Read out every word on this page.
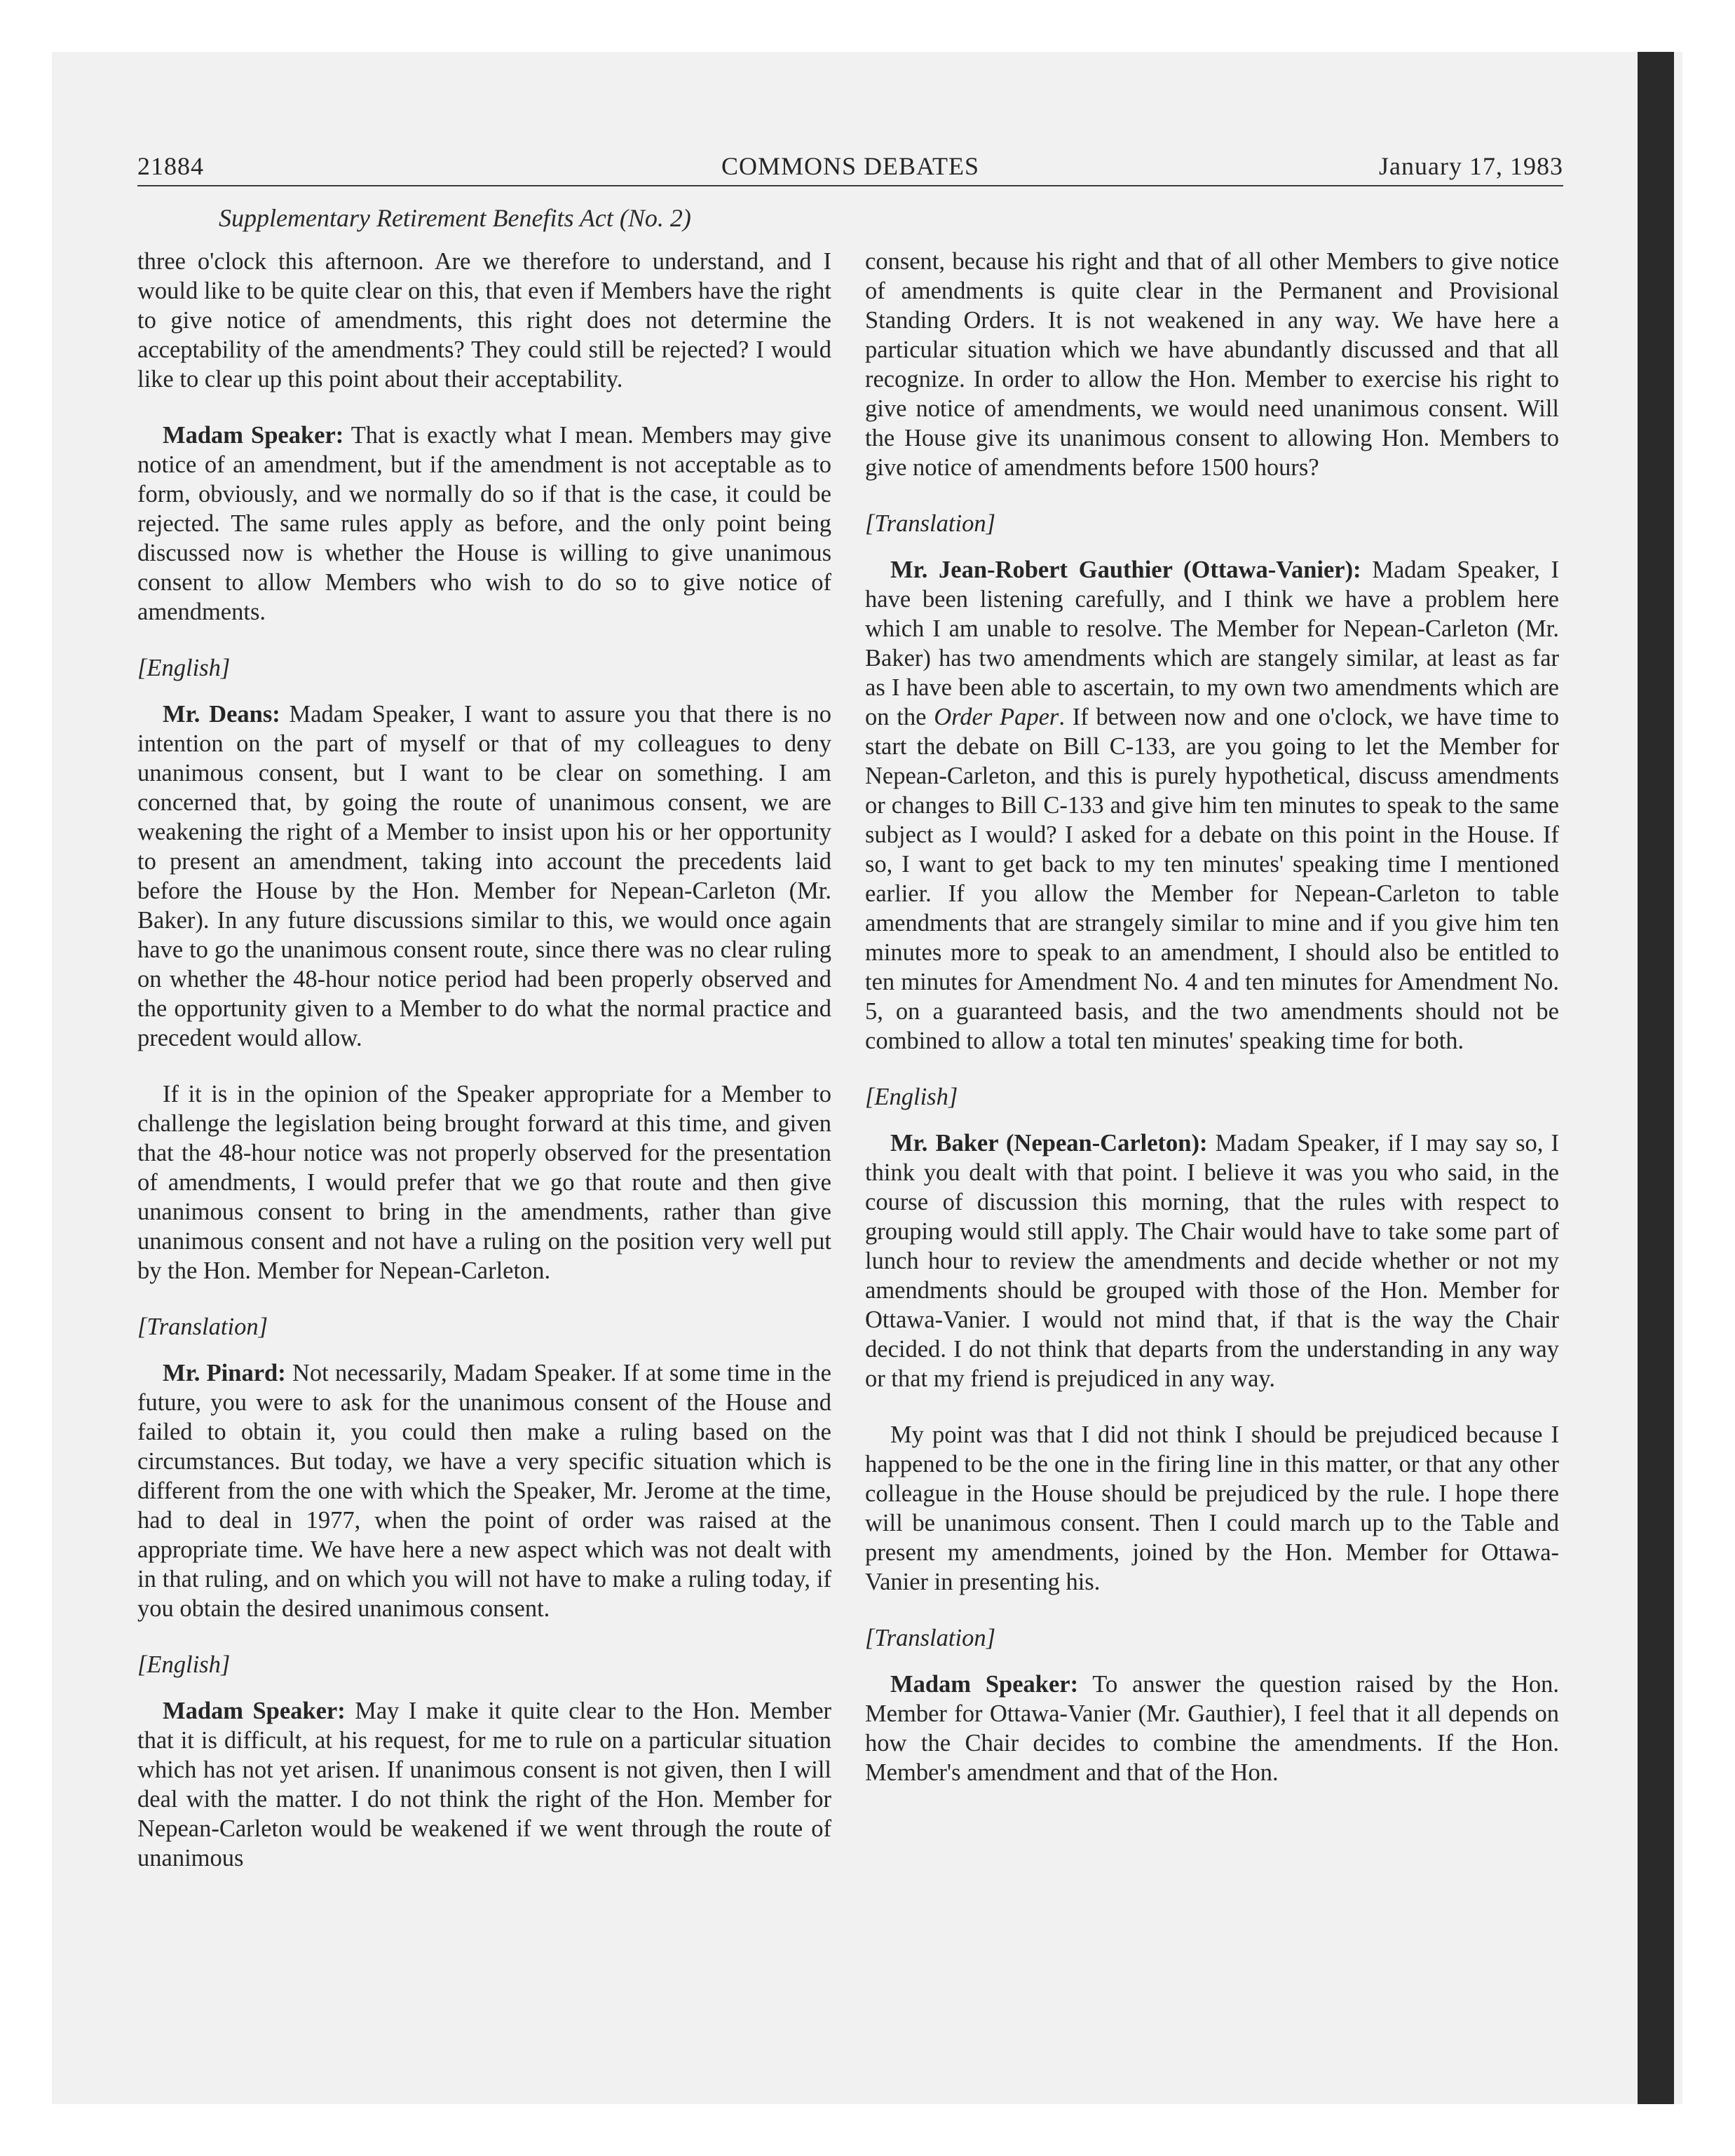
21884	COMMONS DEBATES	January 17, 1983
Supplementary Retirement Benefits Act (No. 2)

three o'clock this afternoon. Are we therefore to understand, and I would like to be quite clear on this, that even if Members have the right to give notice of amendments, this right does not determine the acceptability of the amendments? They could still be rejected? I would like to clear up this point about their acceptability.

Madam Speaker: That is exactly what I mean. Members may give notice of an amendment, but if the amendment is not acceptable as to form, obviously, and we normally do so if that is the case, it could be rejected. The same rules apply as before, and the only point being discussed now is whether the House is willing to give unanimous consent to allow Members who wish to do so to give notice of amendments.

[English]

Mr. Deans: Madam Speaker, I want to assure you that there is no intention on the part of myself or that of my colleagues to deny unanimous consent, but I want to be clear on something. I am concerned that, by going the route of unanimous consent, we are weakening the right of a Member to insist upon his or her opportunity to present an amendment, taking into account the precedents laid before the House by the Hon. Member for Nepean-Carleton (Mr. Baker). In any future discussions similar to this, we would once again have to go the unanimous consent route, since there was no clear ruling on whether the 48-hour notice period had been properly observed and the opportunity given to a Member to do what the normal practice and precedent would allow.

If it is in the opinion of the Speaker appropriate for a Member to challenge the legislation being brought forward at this time, and given that the 48-hour notice was not properly observed for the presentation of amendments, I would prefer that we go that route and then give unanimous consent to bring in the amendments, rather than give unanimous consent and not have a ruling on the position very well put by the Hon. Member for Nepean-Carleton.

[Translation]

Mr. Pinard: Not necessarily, Madam Speaker. If at some time in the future, you were to ask for the unanimous consent of the House and failed to obtain it, you could then make a ruling based on the circumstances. But today, we have a very specific situation which is different from the one with which the Speaker, Mr. Jerome at the time, had to deal in 1977, when the point of order was raised at the appropriate time. We have here a new aspect which was not dealt with in that ruling, and on which you will not have to make a ruling today, if you obtain the desired unanimous consent.

[English]

Madam Speaker: May I make it quite clear to the Hon. Member that it is difficult, at his request, for me to rule on a particular situation which has not yet arisen. If unanimous consent is not given, then I will deal with the matter. I do not think the right of the Hon. Member for Nepean-Carleton would be weakened if we went through the route of unanimous

consent, because his right and that of all other Members to give notice of amendments is quite clear in the Permanent and Provisional Standing Orders. It is not weakened in any way. We have here a particular situation which we have abundantly discussed and that all recognize. In order to allow the Hon. Member to exercise his right to give notice of amendments, we would need unanimous consent. Will the House give its unanimous consent to allowing Hon. Members to give notice of amendments before 1500 hours?

[Translation]

Mr. Jean-Robert Gauthier (Ottawa-Vanier): Madam Speaker, I have been listening carefully, and I think we have a problem here which I am unable to resolve. The Member for Nepean-Carleton (Mr. Baker) has two amendments which are stangely similar, at least as far as I have been able to ascertain, to my own two amendments which are on the Order Paper. If between now and one o'clock, we have time to start the debate on Bill C-133, are you going to let the Member for Nepean-Carleton, and this is purely hypothetical, discuss amendments or changes to Bill C-133 and give him ten minutes to speak to the same subject as I would? I asked for a debate on this point in the House. If so, I want to get back to my ten minutes' speaking time I mentioned earlier. If you allow the Member for Nepean-Carleton to table amendments that are strangely similar to mine and if you give him ten minutes more to speak to an amendment, I should also be entitled to ten minutes for Amendment No. 4 and ten minutes for Amendment No. 5, on a guaranteed basis, and the two amendments should not be combined to allow a total ten minutes' speaking time for both.

[English]

Mr. Baker (Nepean-Carleton): Madam Speaker, if I may say so, I think you dealt with that point. I believe it was you who said, in the course of discussion this morning, that the rules with respect to grouping would still apply. The Chair would have to take some part of lunch hour to review the amendments and decide whether or not my amendments should be grouped with those of the Hon. Member for Ottawa-Vanier. I would not mind that, if that is the way the Chair decided. I do not think that departs from the understanding in any way or that my friend is prejudiced in any way.

My point was that I did not think I should be prejudiced because I happened to be the one in the firing line in this matter, or that any other colleague in the House should be prejudiced by the rule. I hope there will be unanimous consent. Then I could march up to the Table and present my amendments, joined by the Hon. Member for Ottawa-Vanier in presenting his.

[Translation]

Madam Speaker: To answer the question raised by the Hon. Member for Ottawa-Vanier (Mr. Gauthier), I feel that it all depends on how the Chair decides to combine the amendments. If the Hon. Member's amendment and that of the Hon.
